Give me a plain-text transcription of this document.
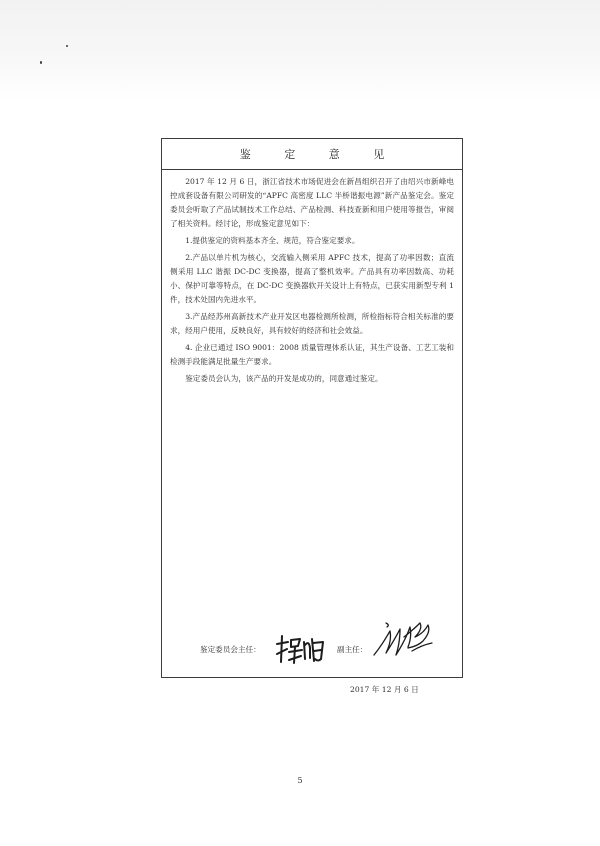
鉴 定 意 见

2017 年 12 月 6 日，浙江省技术市场促进会在新昌组织召开了由绍兴市新峰电控成套设备有限公司研发的“APFC 高密度 LLC 半桥谐振电源”新产品鉴定会。鉴定委员会听取了产品试制技术工作总结、产品检测、科技查新和用户使用等报告，审阅了相关资料。经讨论，形成鉴定意见如下：

1.提供鉴定的资料基本齐全、规范，符合鉴定要求。

2.产品以单片机为核心，交流输入侧采用 APFC 技术，提高了功率因数；直流侧采用 LLC 谐振 DC-DC 变换器，提高了整机效率。产品具有功率因数高、功耗小、保护可靠等特点，在 DC-DC 变换器软开关设计上有特点，已获实用新型专利 1 件，技术处国内先进水平。

3.产品经苏州高新技术产业开发区电器检测所检测，所检指标符合相关标准的要求，经用户使用，反映良好，具有较好的经济和社会效益。

4. 企业已通过 ISO 9001：2008 质量管理体系认证，其生产设备、工艺工装和检测手段能满足批量生产要求。

鉴定委员会认为，该产品的开发是成功的，同意通过鉴定。

鉴定委员会主任：	副主任：
2017 年 12 月 6 日
5
